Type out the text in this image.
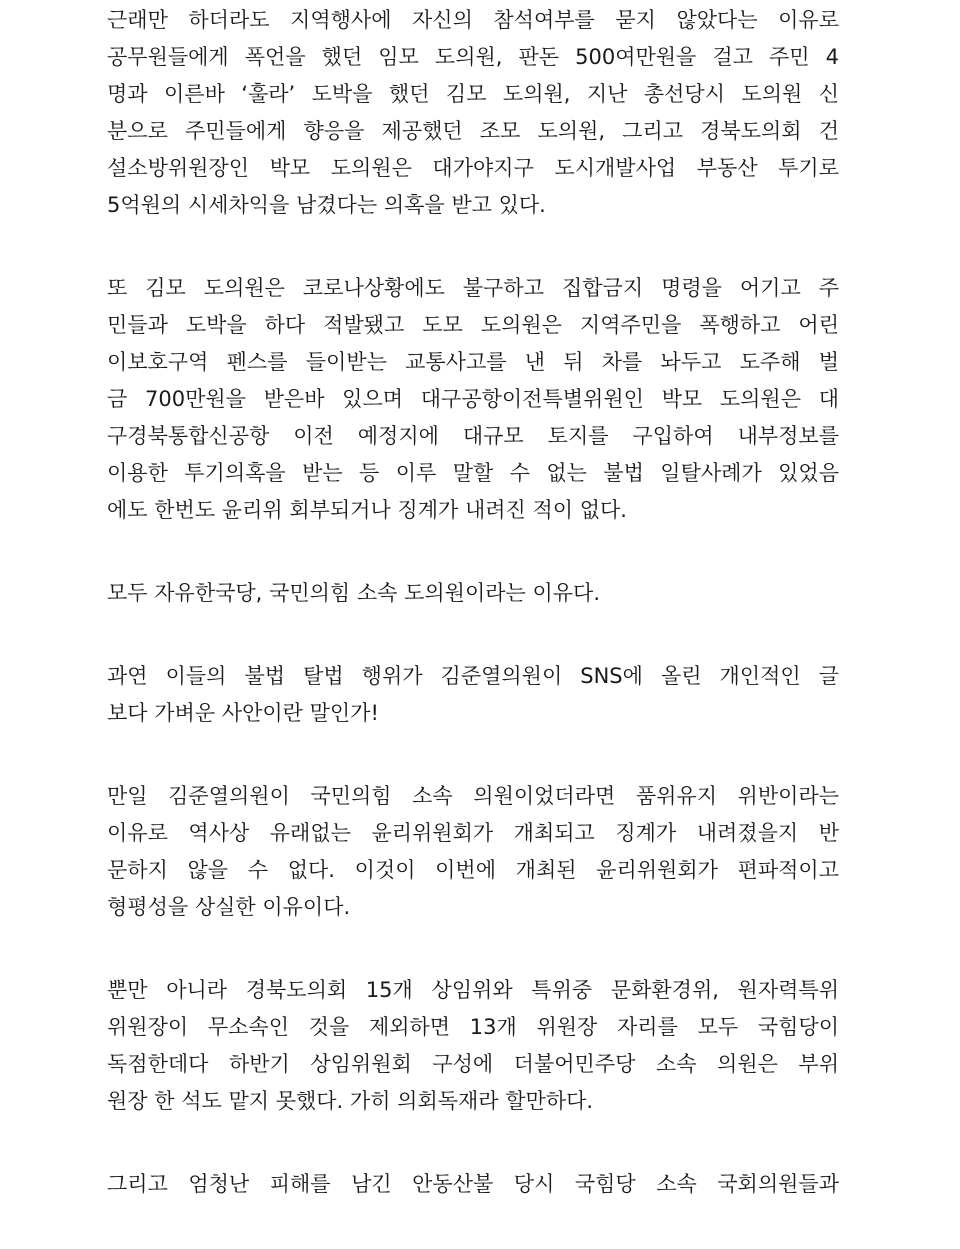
근래만 하더라도 지역행사에 자신의 참석여부를 묻지 않았다는 이유로
공무원들에게 폭언을 했던 임모 도의원, 판돈 500여만원을 걸고 주민 4
명과 이른바 ‘훌라’ 도박을 했던 김모 도의원, 지난 총선당시 도의원 신
분으로 주민들에게 향응을 제공했던 조모 도의원, 그리고 경북도의회 건
설소방위원장인 박모 도의원은 대가야지구 도시개발사업 부동산 투기로
5억원의 시세차익을 남겼다는 의혹을 받고 있다.
또 김모 도의원은 코로나상황에도 불구하고 집합금지 명령을 어기고 주
민들과 도박을 하다 적발됐고 도모 도의원은 지역주민을 폭행하고 어린
이보호구역 펜스를 들이받는 교통사고를 낸 뒤 차를 놔두고 도주해 벌
금 700만원을 받은바 있으며 대구공항이전특별위원인 박모 도의원은 대
구경북통합신공항 이전 예정지에 대규모 토지를 구입하여 내부정보를
이용한 투기의혹을 받는 등 이루 말할 수 없는 불법 일탈사례가 있었음
에도 한번도 윤리위 회부되거나 징계가 내려진 적이 없다.
모두 자유한국당, 국민의힘 소속 도의원이라는 이유다.
과연 이들의 불법 탈법 행위가 김준열의원이 SNS에 올린 개인적인 글
보다 가벼운 사안이란 말인가!
만일 김준열의원이 국민의힘 소속 의원이었더라면 품위유지 위반이라는
이유로 역사상 유래없는 윤리위원회가 개최되고 징계가 내려졌을지 반
문하지 않을 수 없다. 이것이 이번에 개최된 윤리위원회가 편파적이고
형평성을 상실한 이유이다.
뿐만 아니라 경북도의회 15개 상임위와 특위중 문화환경위, 원자력특위
위원장이 무소속인 것을 제외하면 13개 위원장 자리를 모두 국힘당이
독점한데다 하반기 상임위원회 구성에 더불어민주당 소속 의원은 부위
원장 한 석도 맡지 못했다. 가히 의회독재라 할만하다.
그리고 엄청난 피해를 남긴 안동산불 당시 국힘당 소속 국회의원들과
